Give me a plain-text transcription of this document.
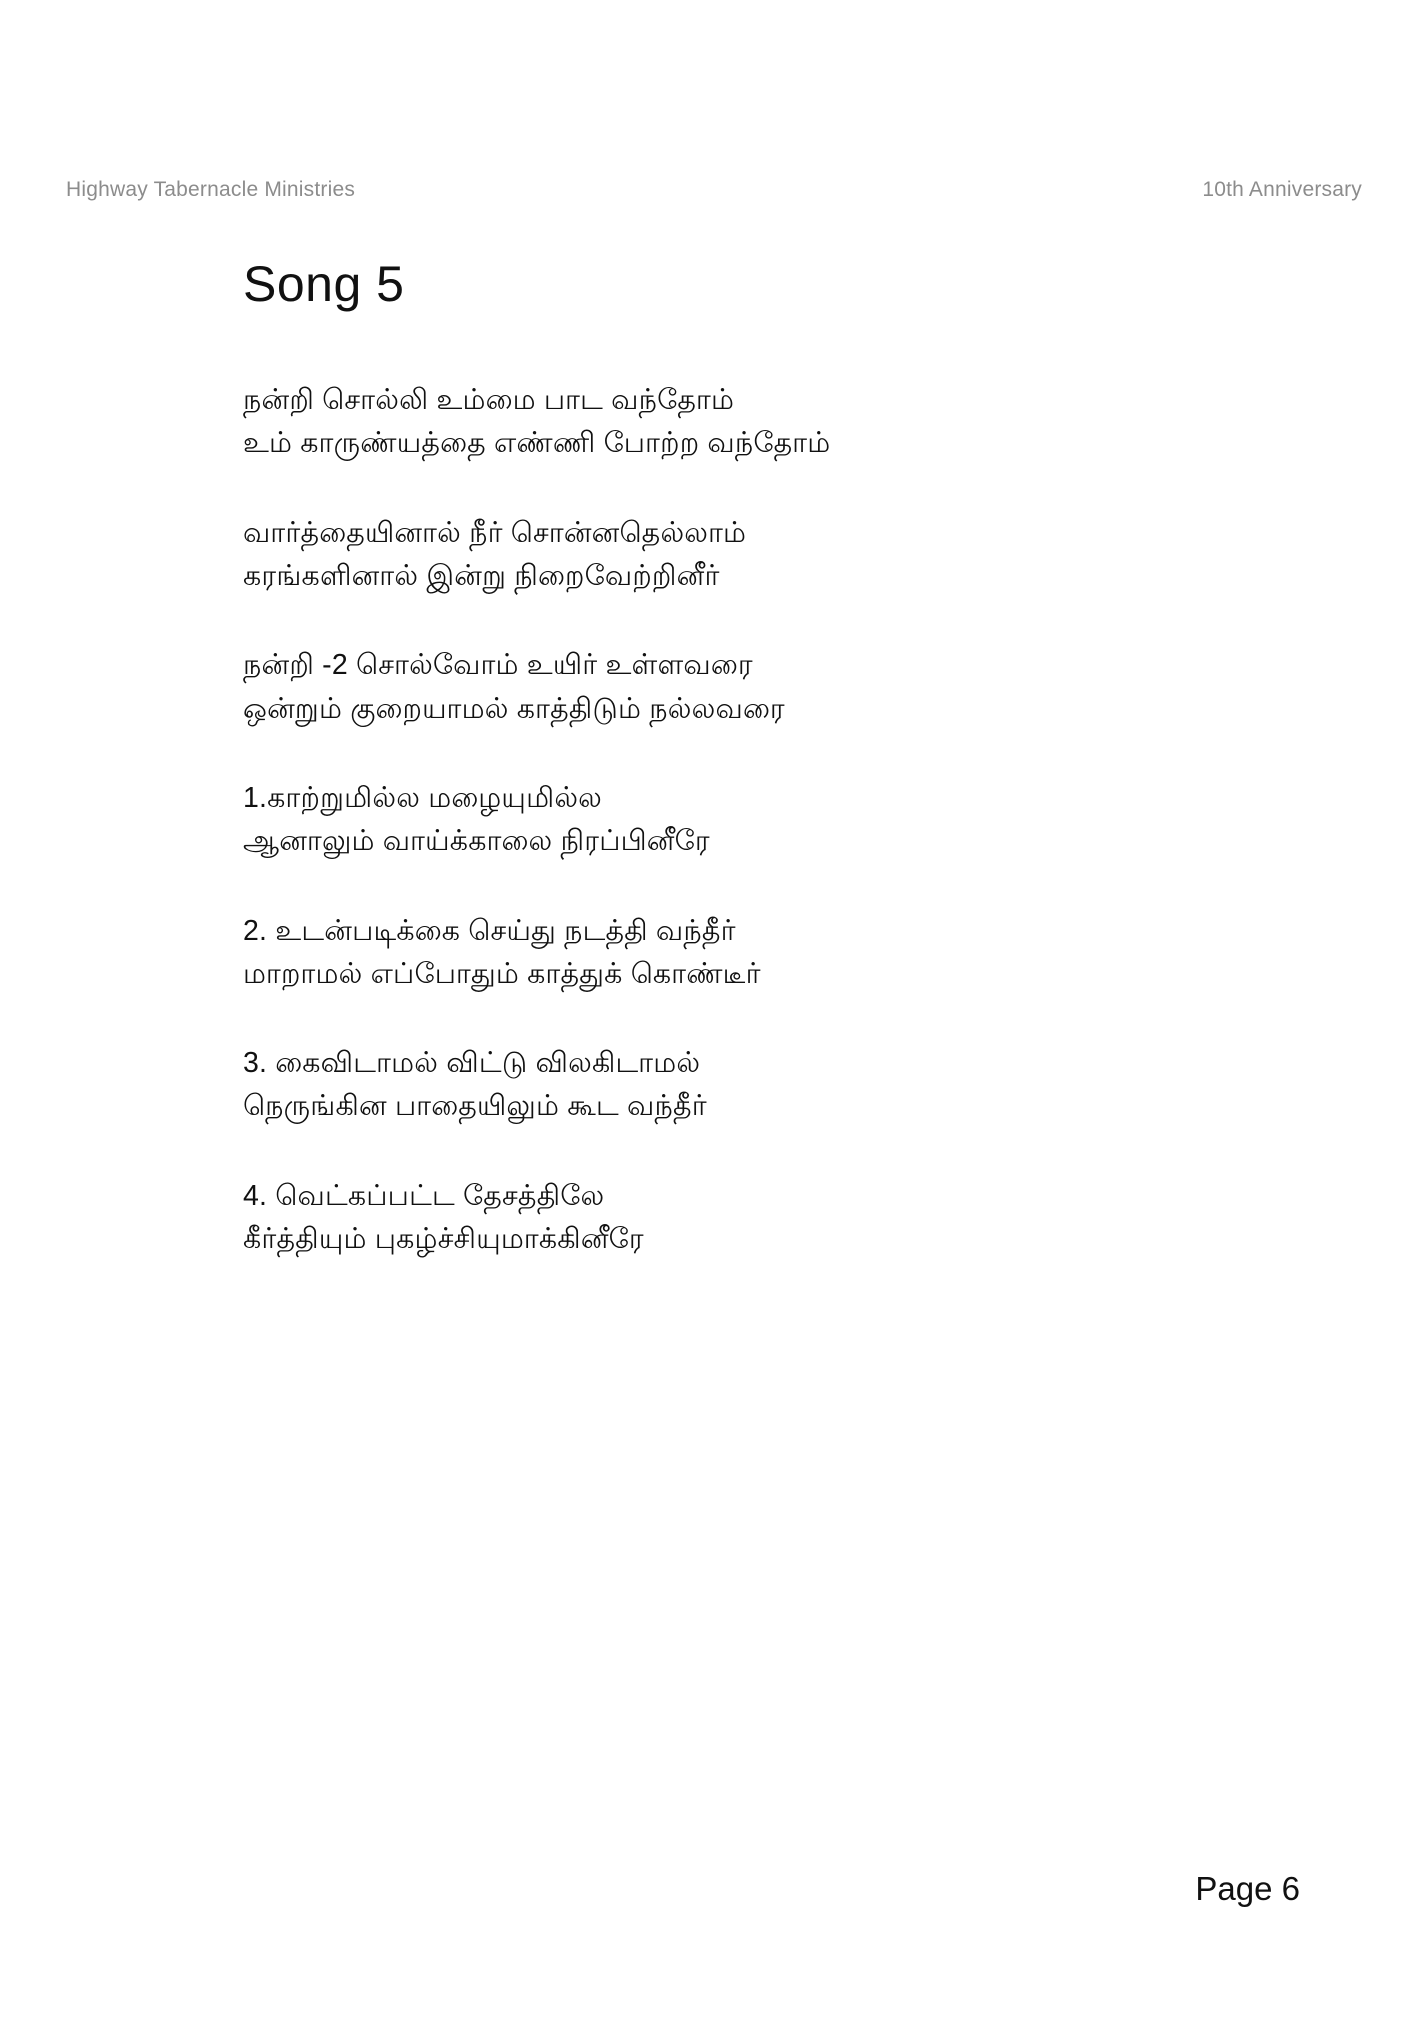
Highway Tabernacle Ministries	10th Anniversary
Song 5
நன்றி சொல்லி உம்மை பாட வந்தோம்
உம் காருண்யத்தை எண்ணி போற்ற வந்தோம்
வார்த்தையினால் நீர் சொன்னதெல்லாம்
கரங்களினால் இன்று நிறைவேற்றினீர்
நன்றி -2 சொல்வோம் உயிர் உள்ளவரை
ஒன்றும் குறையாமல் காத்திடும் நல்லவரை
1.காற்றுமில்ல மழையுமில்ல
ஆனாலும் வாய்க்காலை நிரப்பினீரே
2. உடன்படிக்கை செய்து நடத்தி வந்தீர்
மாறாமல் எப்போதும் காத்துக் கொண்டீர்
3. கைவிடாமல் விட்டு விலகிடாமல்
நெருங்கின பாதையிலும் கூட வந்தீர்
4. வெட்கப்பட்ட தேசத்திலே
கீர்த்தியும் புகழ்ச்சியுமாக்கினீரே
Page 6
